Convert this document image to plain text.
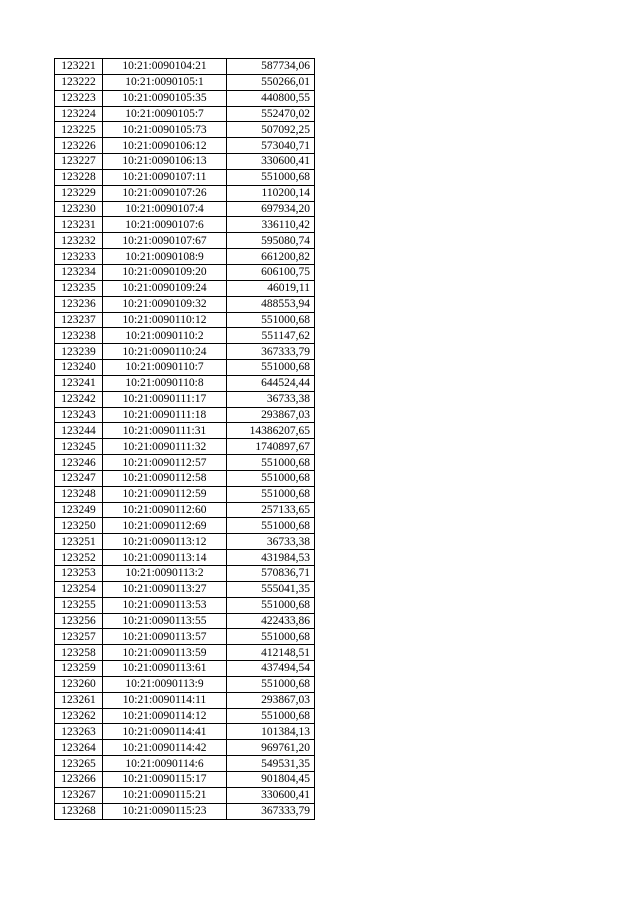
123221	10:21:0090104:21	587734,06
123222	10:21:0090105:1	550266,01
123223	10:21:0090105:35	440800,55
123224	10:21:0090105:7	552470,02
123225	10:21:0090105:73	507092,25
123226	10:21:0090106:12	573040,71
123227	10:21:0090106:13	330600,41
123228	10:21:0090107:11	551000,68
123229	10:21:0090107:26	110200,14
123230	10:21:0090107:4	697934,20
123231	10:21:0090107:6	336110,42
123232	10:21:0090107:67	595080,74
123233	10:21:0090108:9	661200,82
123234	10:21:0090109:20	606100,75
123235	10:21:0090109:24	46019,11
123236	10:21:0090109:32	488553,94
123237	10:21:0090110:12	551000,68
123238	10:21:0090110:2	551147,62
123239	10:21:0090110:24	367333,79
123240	10:21:0090110:7	551000,68
123241	10:21:0090110:8	644524,44
123242	10:21:0090111:17	36733,38
123243	10:21:0090111:18	293867,03
123244	10:21:0090111:31	14386207,65
123245	10:21:0090111:32	1740897,67
123246	10:21:0090112:57	551000,68
123247	10:21:0090112:58	551000,68
123248	10:21:0090112:59	551000,68
123249	10:21:0090112:60	257133,65
123250	10:21:0090112:69	551000,68
123251	10:21:0090113:12	36733,38
123252	10:21:0090113:14	431984,53
123253	10:21:0090113:2	570836,71
123254	10:21:0090113:27	555041,35
123255	10:21:0090113:53	551000,68
123256	10:21:0090113:55	422433,86
123257	10:21:0090113:57	551000,68
123258	10:21:0090113:59	412148,51
123259	10:21:0090113:61	437494,54
123260	10:21:0090113:9	551000,68
123261	10:21:0090114:11	293867,03
123262	10:21:0090114:12	551000,68
123263	10:21:0090114:41	101384,13
123264	10:21:0090114:42	969761,20
123265	10:21:0090114:6	549531,35
123266	10:21:0090115:17	901804,45
123267	10:21:0090115:21	330600,41
123268	10:21:0090115:23	367333,79
